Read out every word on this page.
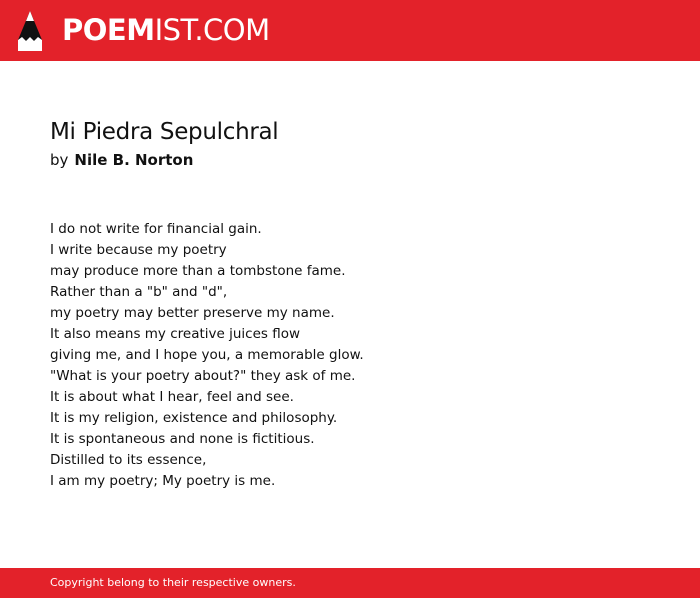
POEMIST.COM
Mi Piedra Sepulchral
by Nile B. Norton
I do not write for financial gain.
I write because my poetry
may produce more than a tombstone fame.
Rather than a "b" and "d",
my poetry may better preserve my name.
It also means my creative juices flow
giving me, and I hope you, a memorable glow.
"What is your poetry about?" they ask of me.
It is about what I hear, feel and see.
It is my religion, existence and philosophy.
It is spontaneous and none is fictitious.
Distilled to its essence,
I am my poetry; My poetry is me.
Copyright belong to their respective owners.
